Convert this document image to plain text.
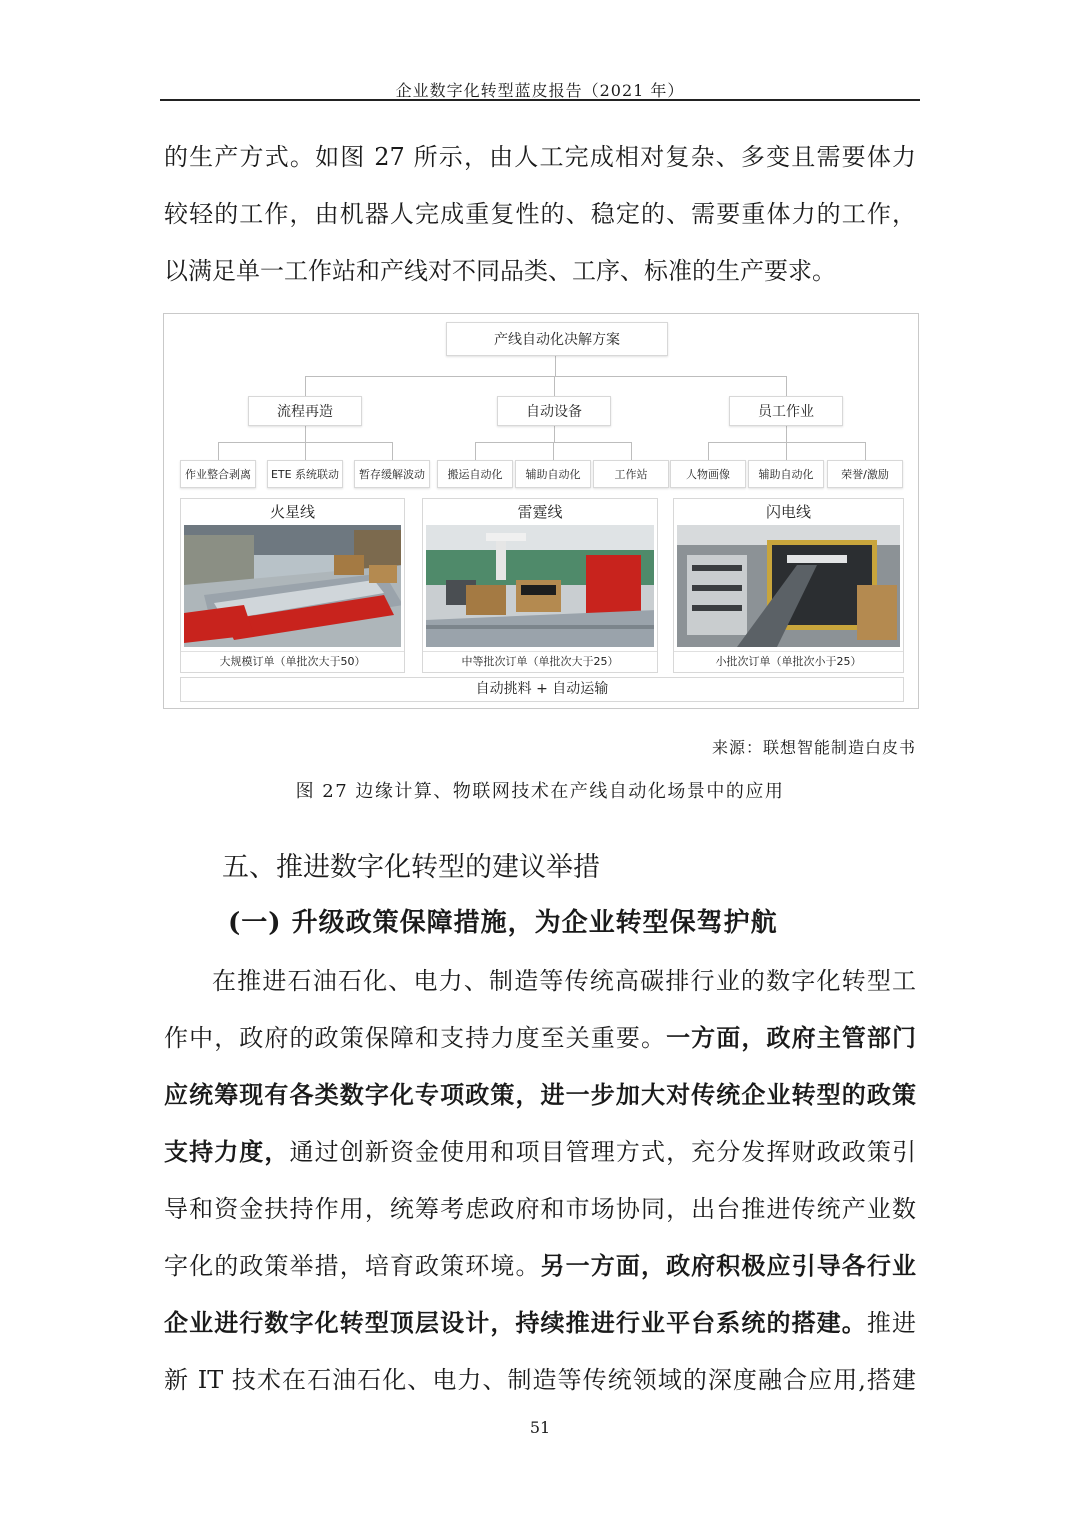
企业数字化转型蓝皮报告（2021 年）

的生产方式。如图 27 所示，由人工完成相对复杂、多变且需要体力

较轻的工作，由机器人完成重复性的、稳定的、需要重体力的工作，

以满足单一工作站和产线对不同品类、工序、标准的生产要求。

产线自动化决解方案
流程再造	自动设备	员工作业
作业整合剥离	ETE 系统联动	暂存缓解波动	搬运自动化	辅助自动化	工作站	人物画像	辅助自动化	荣誉/激励
火星线
大规模订单（单批次大于50）
雷霆线
中等批次订单（单批次大于25）
闪电线
小批次订单（单批次小于25）
自动挑料 + 自动运输
来源：联想智能制造白皮书
图 27 边缘计算、物联网技术在产线自动化场景中的应用
五、推进数字化转型的建议举措
(一) 升级政策保障措施，为企业转型保驾护航

在推进石油石化、电力、制造等传统高碳排行业的数字化转型工

作中，政府的政策保障和支持力度至关重要。一方面，政府主管部门

应统筹现有各类数字化专项政策，进一步加大对传统企业转型的政策

支持力度，通过创新资金使用和项目管理方式，充分发挥财政政策引

导和资金扶持作用，统筹考虑政府和市场协同，出台推进传统产业数

字化的政策举措，培育政策环境。另一方面，政府积极应引导各行业

企业进行数字化转型顶层设计，持续推进行业平台系统的搭建。推进

新 IT 技术在石油石化、电力、制造等传统领域的深度融合应用,搭建

51
